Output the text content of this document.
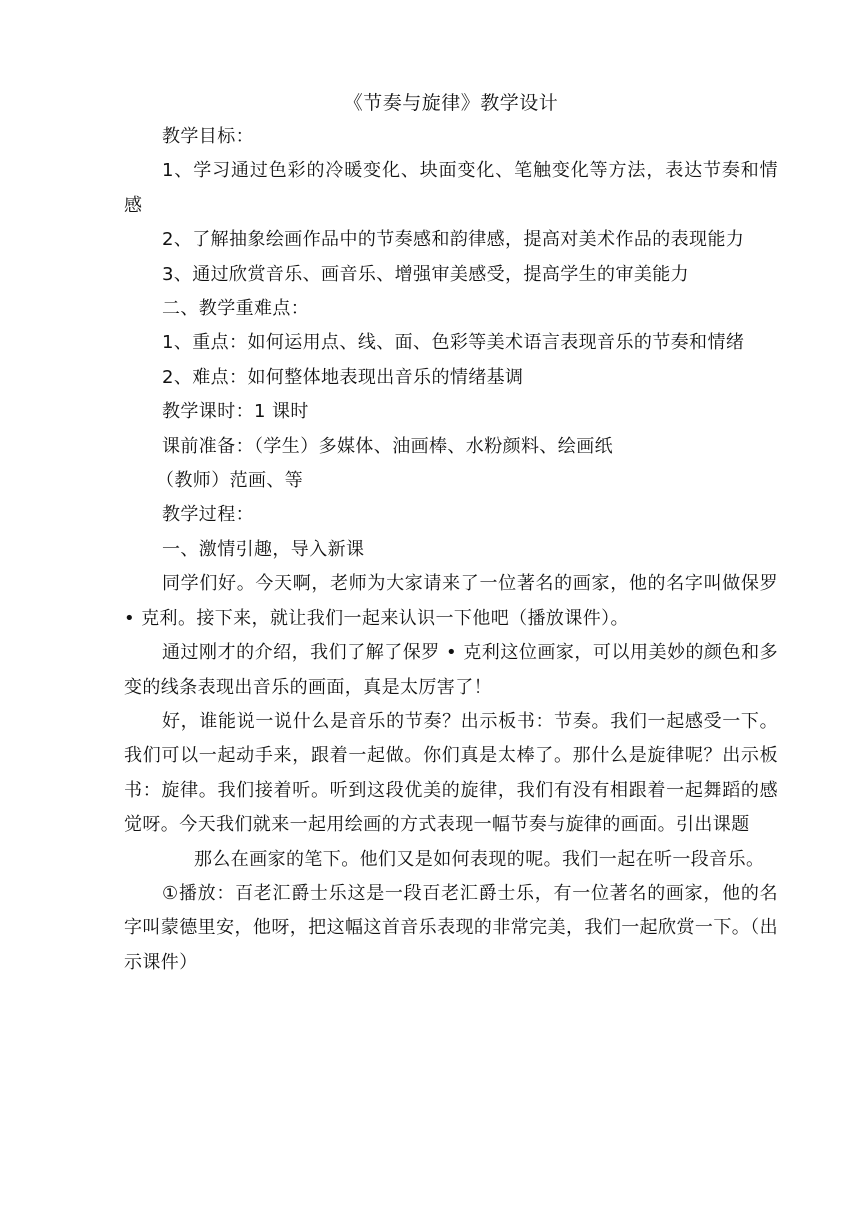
《节奏与旋律》教学设计

教学目标：

1、学习通过色彩的冷暖变化、块面变化、笔触变化等方法，表达节奏和情感

2、了解抽象绘画作品中的节奏感和韵律感，提高对美术作品的表现能力

3、通过欣赏音乐、画音乐、增强审美感受，提高学生的审美能力

二、教学重难点：

1、重点：如何运用点、线、面、色彩等美术语言表现音乐的节奏和情绪

2、难点：如何整体地表现出音乐的情绪基调

教学课时：1 课时

课前准备：（学生）多媒体、油画棒、水粉颜料、绘画纸

（教师）范画、等

教学过程：

一、激情引趣，导入新课

同学们好。今天啊，老师为大家请来了一位著名的画家，他的名字叫做保罗 • 克利。接下来，就让我们一起来认识一下他吧（播放课件）。

通过刚才的介绍，我们了解了保罗 • 克利这位画家，可以用美妙的颜色和多变的线条表现出音乐的画面，真是太厉害了！

好，谁能说一说什么是音乐的节奏？出示板书：节奏。我们一起感受一下。我们可以一起动手来，跟着一起做。你们真是太棒了。那什么是旋律呢？出示板书：旋律。我们接着听。听到这段优美的旋律，我们有没有相跟着一起舞蹈的感觉呀。今天我们就来一起用绘画的方式表现一幅节奏与旋律的画面。引出课题

那么在画家的笔下。他们又是如何表现的呢。我们一起在听一段音乐。

①播放：百老汇爵士乐这是一段百老汇爵士乐，有一位著名的画家，他的名字叫蒙德里安，他呀，把这幅这首音乐表现的非常完美，我们一起欣赏一下。（出示课件）
